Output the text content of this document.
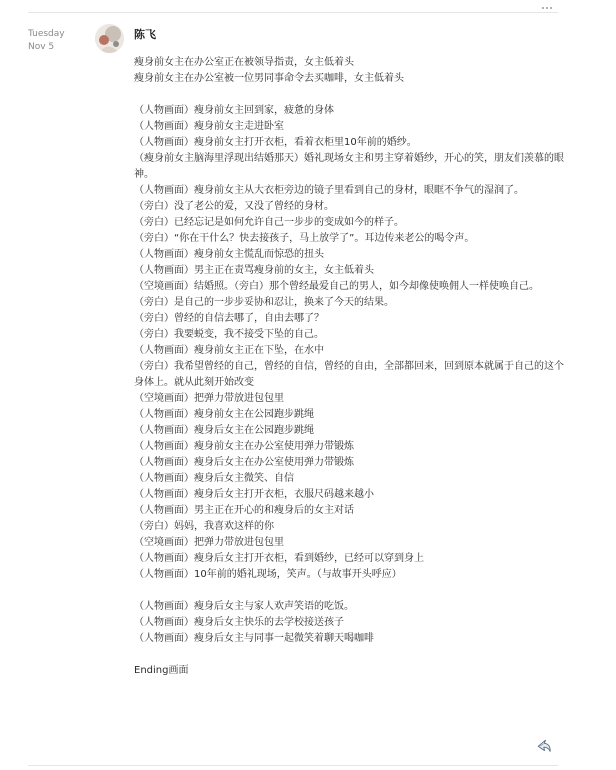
Tuesday
Nov 5
陈飞

瘦身前女主在办公室正在被领导指责，女主低着头

瘦身前女主在办公室被一位男同事命令去买咖啡，女主低着头

（人物画面）瘦身前女主回到家，疲惫的身体

（人物画面）瘦身前女主走进卧室

（人物画面）瘦身前女主打开衣柜，看着衣柜里10年前的婚纱。

（瘦身前女主脑海里浮现出结婚那天）婚礼现场女主和男主穿着婚纱，开心的笑，朋友们羡慕的眼神。

（人物画面）瘦身前女主从大衣柜旁边的镜子里看到自己的身材，眼眶不争气的湿润了。

（旁白）没了老公的爱，又没了曾经的身材。

（旁白）已经忘记是如何允许自己一步步的变成如今的样子。

（旁白）“你在干什么？快去接孩子，马上放学了”。耳边传来老公的喝令声。

（人物画面）瘦身前女主慌乱而惊恐的扭头

（人物画面）男主正在责骂瘦身前的女主，女主低着头

（空境画面）结婚照。（旁白）那个曾经最爱自己的男人，如今却像使唤佣人一样使唤自己。

（旁白）是自己的一步步妥协和忍让，换来了今天的结果。

（旁白）曾经的自信去哪了，自由去哪了？

（旁白）我要蜕变，我不接受下坠的自己。

（人物画面）瘦身前女主正在下坠，在水中

（旁白）我希望曾经的自己，曾经的自信，曾经的自由，全部都回来，回到原本就属于自己的这个身体上。就从此刻开始改变

（空境画面）把弹力带放进包包里

（人物画面）瘦身前女主在公园跑步跳绳

（人物画面）瘦身后女主在公园跑步跳绳

（人物画面）瘦身前女主在办公室使用弹力带锻炼

（人物画面）瘦身后女主在办公室使用弹力带锻炼

（人物画面）瘦身后女主微笑、自信

（人物画面）瘦身后女主打开衣柜，衣服尺码越来越小

（人物画面）男主正在开心的和瘦身后的女主对话

（旁白）妈妈，我喜欢这样的你

（空境画面）把弹力带放进包包里

（人物画面）瘦身后女主打开衣柜，看到婚纱，已经可以穿到身上

（人物画面）10年前的婚礼现场，笑声。（与故事开头呼应）

（人物画面）瘦身后女主与家人欢声笑语的吃饭。

（人物画面）瘦身后女主快乐的去学校接送孩子

（人物画面）瘦身后女主与同事一起微笑着聊天喝咖啡

Ending画面
